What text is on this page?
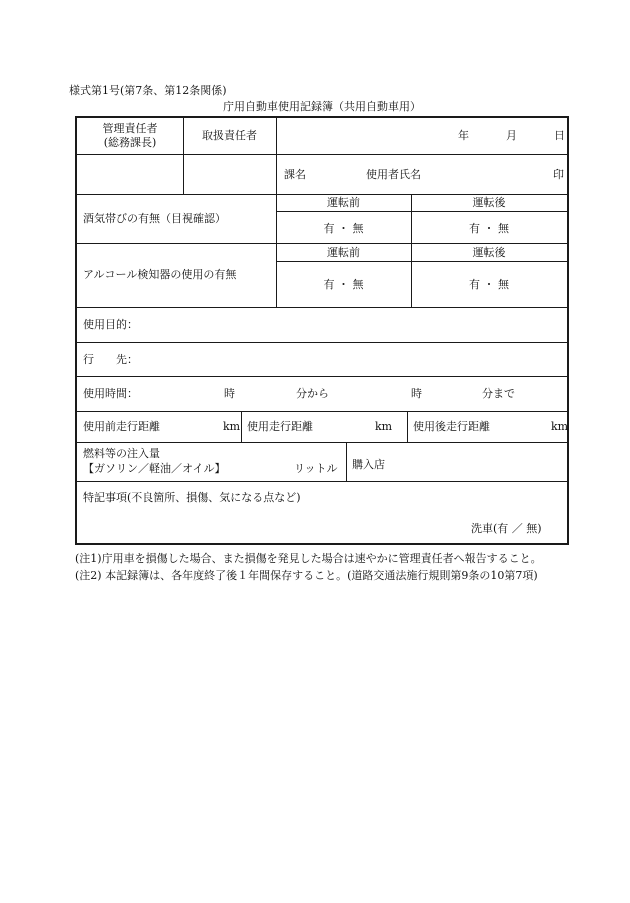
様式第1号(第7条、第12条関係)
庁用自動車使用記録簿（共用自動車用）
管理責任者
(総務課長)
取扱責任者	年	月	日
課名	使用者氏名	印
酒気帯びの有無（目視確認）
運転前	運転後
有 ・ 無	有 ・ 無
アルコール検知器の使用の有無
運転前	運転後
有 ・ 無	有 ・ 無
使用目的：
行　　先：
使用時間：	時	分から	時	分まで
使用前走行距離	km 使用走行距離	km 使用後走行距離	km
燃料等の注入量
【ガソリン／軽油／オイル】	リットル 購入店
特記事項(不良箇所、損傷、気になる点など)
洗車(有 ／ 無)
(注1)庁用車を損傷した場合、また損傷を発見した場合は速やかに管理責任者へ報告すること。
(注2) 本記録簿は、各年度終了後１年間保存すること。(道路交通法施行規則第9条の10第7項)
